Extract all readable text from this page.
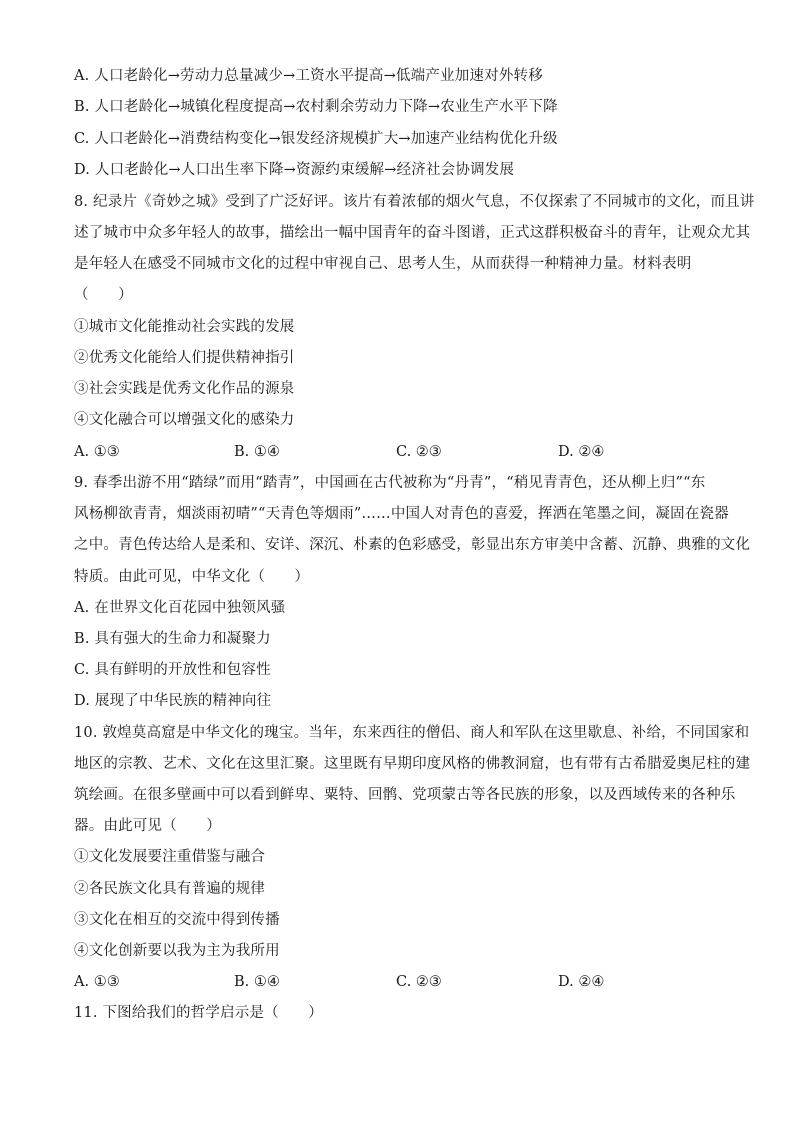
A. 人口老龄化→劳动力总量减少→工资水平提高→低端产业加速对外转移
B. 人口老龄化→城镇化程度提高→农村剩余劳动力下降→农业生产水平下降
C. 人口老龄化→消费结构变化→银发经济规模扩大→加速产业结构优化升级
D. 人口老龄化→人口出生率下降→资源约束缓解→经济社会协调发展
8. 纪录片《奇妙之城》受到了广泛好评。该片有着浓郁的烟火气息，不仅探索了不同城市的文化，而且讲
述了城市中众多年轻人的故事，描绘出一幅中国青年的奋斗图谱，正式这群积极奋斗的青年，让观众尤其
是年轻人在感受不同城市文化的过程中审视自己、思考人生，从而获得一种精神力量。材料表明
（　　）
①城市文化能推动社会实践的发展
②优秀文化能给人们提供精神指引
③社会实践是优秀文化作品的源泉
④文化融合可以增强文化的感染力
A. ①③	B. ①④	C. ②③	D. ②④
9. 春季出游不用“踏绿”而用“踏青”，中国画在古代被称为“丹青”，“稍见青青色，还从柳上归”“东
风杨柳欲青青，烟淡雨初晴”“天青色等烟雨”……中国人对青色的喜爱，挥洒在笔墨之间，凝固在瓷器
之中。青色传达给人是柔和、安详、深沉、朴素的色彩感受，彰显出东方审美中含蓄、沉静、典雅的文化
特质。由此可见，中华文化（　　）
A. 在世界文化百花园中独领风骚
B. 具有强大的生命力和凝聚力
C. 具有鲜明的开放性和包容性
D. 展现了中华民族的精神向往
10. 敦煌莫高窟是中华文化的瑰宝。当年，东来西往的僧侣、商人和军队在这里歇息、补给，不同国家和
地区的宗教、艺术、文化在这里汇聚。这里既有早期印度风格的佛教洞窟，也有带有古希腊爱奥尼柱的建
筑绘画。在很多壁画中可以看到鲜卑、粟特、回鹘、党项蒙古等各民族的形象，以及西域传来的各种乐
器。由此可见（　　）
①文化发展要注重借鉴与融合
②各民族文化具有普遍的规律
③文化在相互的交流中得到传播
④文化创新要以我为主为我所用
A. ①③	B. ①④	C. ②③	D. ②④
11. 下图给我们的哲学启示是（　　）
